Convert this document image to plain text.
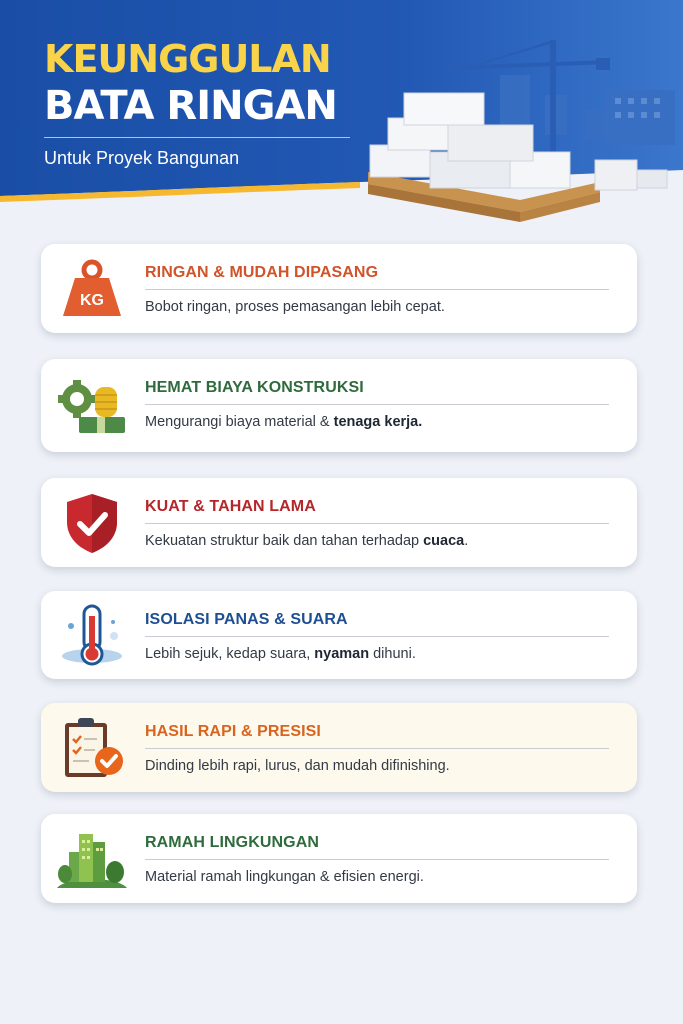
KEUNGGULAN
BATA RINGAN
Untuk Proyek Bangunan
KG
RINGAN & MUDAH DIPASANG
Bobot ringan, proses pemasangan lebih cepat.
HEMAT BIAYA KONSTRUKSI
Mengurangi biaya material & tenaga kerja.
KUAT & TAHAN LAMA
Kekuatan struktur baik dan tahan terhadap cuaca.
ISOLASI PANAS & SUARA
Lebih sejuk, kedap suara, nyaman dihuni.
HASIL RAPI & PRESISI
Dinding lebih rapi, lurus, dan mudah difinishing.
RAMAH LINGKUNGAN
Material ramah lingkungan & efisien energi.
